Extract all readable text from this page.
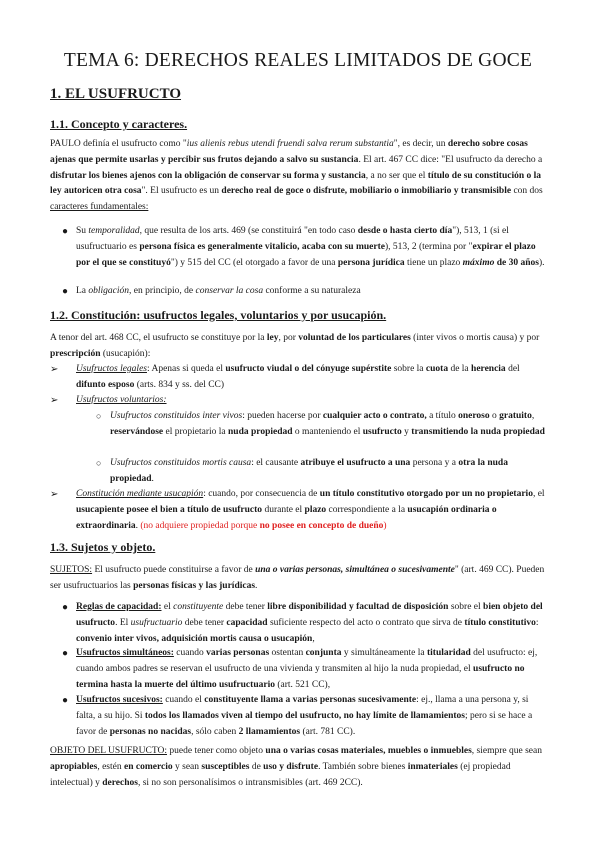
TEMA 6: DERECHOS REALES LIMITADOS DE GOCE
1. EL USUFRUCTO
1.1. Concepto y caracteres.

PAULO definía el usufructo como "ius alienis rebus utendi fruendi salva rerum substantia", es decir, un derecho sobre cosas ajenas que permite usarlas y percibir sus frutos dejando a salvo su sustancia. El art. 467 CC dice: "El usufructo da derecho a disfrutar los bienes ajenos con la obligación de conservar su forma y sustancia, a no ser que el título de su constitución o la ley autoricen otra cosa". El usufructo es un derecho real de goce o disfrute, mobiliario o inmobiliario y transmisible con dos caracteres fundamentales:

● Su temporalidad, que resulta de los arts. 469 (se constituirá "en todo caso desde o hasta cierto día"), 513, 1 (si el usufructuario es persona física es generalmente vitalicio, acaba con su muerte), 513, 2 (termina por "expirar el plazo por el que se constituyó") y 515 del CC (el otorgado a favor de una persona jurídica tiene un plazo máximo de 30 años).
● La obligación, en principio, de conservar la cosa conforme a su naturaleza
1.2. Constitución: usufructos legales, voluntarios y por usucapión.

A tenor del art. 468 CC, el usufructo se constituye por la ley, por voluntad de los particulares (inter vivos o mortis causa) y por prescripción (usucapión):

➢ Usufructos legales: Apenas si queda el usufructo viudal o del cónyuge supérstite sobre la cuota de la herencia del difunto esposo (arts. 834 y ss. del CC)
➢ Usufructos voluntarios:
○ Usufructos constituidos inter vivos: pueden hacerse por cualquier acto o contrato, a título oneroso o gratuito, reservándose el propietario la nuda propiedad o manteniendo el usufructo y transmitiendo la nuda propiedad
○ Usufructos constituidos mortis causa: el causante atribuye el usufructo a una persona y a otra la nuda propiedad.
➢ Constitución mediante usucapión: cuando, por consecuencia de un título constitutivo otorgado por un no propietario, el usucapiente posee el bien a título de usufructo durante el plazo correspondiente a la usucapión ordinaria o extraordinaria. (no adquiere propiedad porque no posee en concepto de dueño)
1.3. Sujetos y objeto.

SUJETOS: El usufructo puede constituirse a favor de una o varias personas, simultánea o sucesivamente" (art. 469 CC). Pueden ser usufructuarios las personas físicas y las jurídicas.

● Reglas de capacidad: el constituyente debe tener libre disponibilidad y facultad de disposición sobre el bien objeto del usufructo. El usufructuario debe tener capacidad suficiente respecto del acto o contrato que sirva de título constitutivo: convenio inter vivos, adquisición mortis causa o usucapión,
● Usufructos simultáneos: cuando varias personas ostentan conjunta y simultáneamente la titularidad del usufructo: ej, cuando ambos padres se reservan el usufructo de una vivienda y transmiten al hijo la nuda propiedad, el usufructo no termina hasta la muerte del último usufructuario (art. 521 CC),
● Usufructos sucesivos: cuando el constituyente llama a varias personas sucesivamente: ej., llama a una persona y, si falta, a su hijo. Si todos los llamados viven al tiempo del usufructo, no hay límite de llamamientos; pero si se hace a favor de personas no nacidas, sólo caben 2 llamamientos (art. 781 CC).

OBJETO DEL USUFRUCTO: puede tener como objeto una o varias cosas materiales, muebles o inmuebles, siempre que sean apropiables, estén en comercio y sean susceptibles de uso y disfrute. También sobre bienes inmateriales (ej propiedad intelectual) y derechos, si no son personalísimos o intransmisibles (art. 469 2CC).
